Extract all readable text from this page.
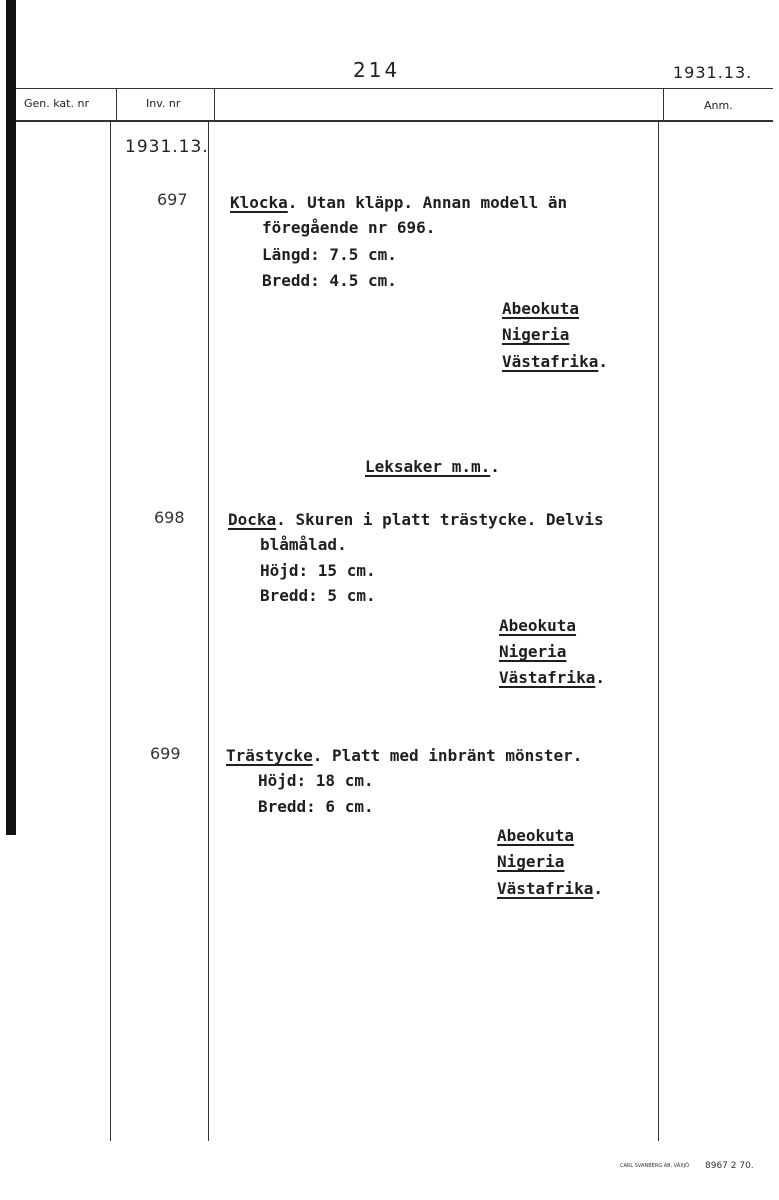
214	1931.13.
Gen. kat. nr	Inv. nr	Anm.
1931.13.
697	Klocka. Utan kläpp. Annan modell än
föregående nr 696.
Längd: 7.5 cm.
Bredd: 4.5 cm.
Abeokuta
Nigeria
Västafrika.
Leksaker m.m..
698	Docka. Skuren i platt trästycke. Delvis
blåmålad.
Höjd: 15 cm.
Bredd: 5 cm.
Abeokuta
Nigeria
Västafrika.
699	Trästycke. Platt med inbränt mönster.
Höjd: 18 cm.
Bredd: 6 cm.
Abeokuta
Nigeria
Västafrika.
CARL SVANBERG AB, VÄXJÖ 8967 2 70.
